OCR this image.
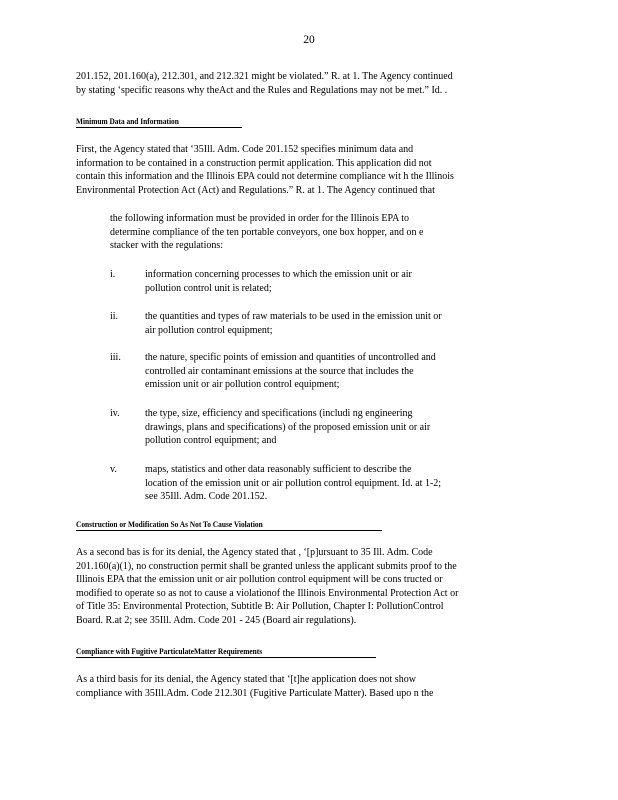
20
201.152, 201.160(a), 212.301, and 212.321 might be violated.” R. at 1. The Agency continued
by stating ‘specific reasons why theAct and the Rules and Regulations may not be met.” Id. .
Minimum Data and Information
First, the Agency stated that ‘35Ill. Adm. Code 201.152 specifies minimum data and
information to be contained in a construction permit application. This application did not
contain this information and the Illinois EPA could not determine compliance wit h the Illinois
Environmental Protection Act (Act) and Regulations.” R. at 1. The Agency continued that
the following information must be provided in order for the Illinois EPA to
determine compliance of the ten portable conveyors, one box hopper, and on e
stacker with the regulations:
i.	information concerning processes to which the emission unit or air
pollution control unit is related;
ii.	the quantities and types of raw materials to be used in the emission unit or
air pollution control equipment;
iii. the nature, specific points of emission and quantities of uncontrolled and
controlled air contaminant emissions at the source that includes the
emission unit or air pollution control equipment;
iv.	the type, size, efficiency and specifications (includi ng engineering
drawings, plans and specifications) of the proposed emission unit or air
pollution control equipment; and
v.	maps, statistics and other data reasonably sufficient to describe the
location of the emission unit or air pollution control equipment. Id. at 1-2;
see 35Ill. Adm. Code 201.152.
Construction or Modification So As Not To Cause Violation
As a second bas is for its denial, the Agency stated that , ‘[p]ursuant to 35 Ill. Adm. Code
201.160(a)(1), no construction permit shall be granted unless the applicant submits proof to the
Illinois EPA that the emission unit or air pollution control equipment will be cons tructed or
modified to operate so as not to cause a violationof the Illinois Environmental Protection Act or
of Title 35: Environmental Protection, Subtitle B: Air Pollution, Chapter I: PollutionControl
Board. R.at 2; see 35Ill. Adm. Code 201 - 245 (Board air regulations).
Compliance with Fugitive ParticulateMatter Requirements
As a third basis for its denial, the Agency stated that ‘[t]he application does not show
compliance with 35Ill.Adm. Code 212.301 (Fugitive Particulate Matter). Based upo n the
